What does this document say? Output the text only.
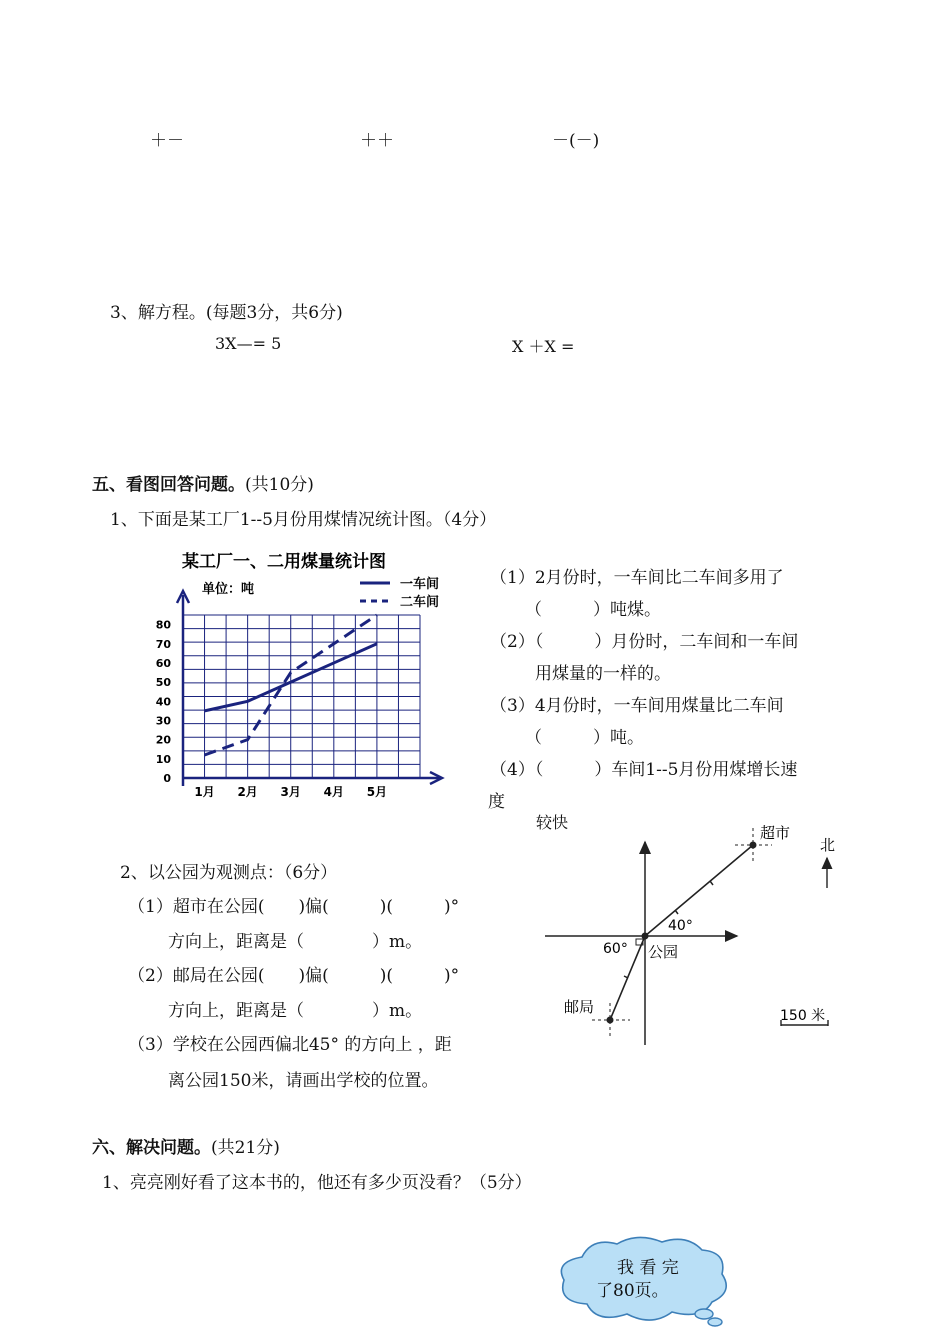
＋－	＋＋	－(－)
3、解方程。(每题3分，共6分)
3X—= 5	X ＋X =
五、看图回答问题。(共10分)
1、下面是某工厂1--5月份用煤情况统计图。（4分）
某工厂一、二用煤量统计图
单位：吨
0
10
20
30
40
50
60
70
80
1月 2月 3月 4月 5月
一车间
二车间
（1）2月份时，一车间比二车间多用了
（　　　）吨煤。
（2）（　　　）月份时，二车间和一车间
用煤量的一样的。
（3）4月份时，一车间用煤量比二车间
（　　　）吨。
（4）（　　　）车间1--5月份用煤增长速
度
较快
2、以公园为观测点：（6分）
（1）超市在公园(　　)偏(　　　)(　　　)°
方向上，距离是（　　　　）m。
（2）邮局在公园(　　)偏(　　　)(　　　)°
方向上，距离是（　　　　）m。
（3）学校在公园西偏北45° 的方向上 ，距
离公园150米，请画出学校的位置。
公园
超市
40°
邮局
60°
北
150 米
六、解决问题。(共21分)
1、亮亮刚好看了这本书的，他还有多少页没看？（5分）
我 看 完
了80页。
